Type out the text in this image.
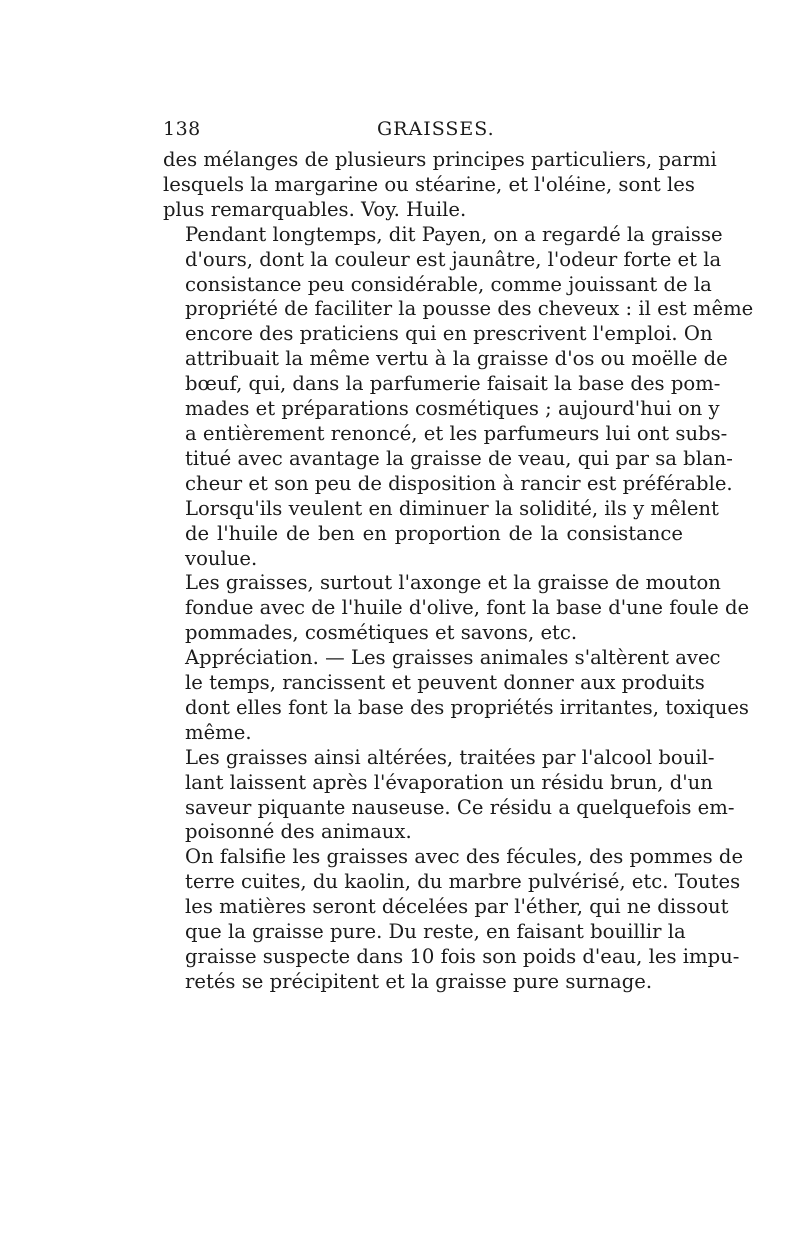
138	GRAISSES.
des mélanges de plusieurs principes particuliers, parmi
lesquels la margarine ou stéarine, et l'oléine, sont les
plus remarquables. Voy. Huile.
Pendant longtemps, dit Payen, on a regardé la graisse
d'ours, dont la couleur est jaunâtre, l'odeur forte et la
consistance peu considérable, comme jouissant de la
propriété de faciliter la pousse des cheveux : il est même
encore des praticiens qui en prescrivent l'emploi. On
attribuait la même vertu à la graisse d'os ou moëlle de
bœuf, qui, dans la parfumerie faisait la base des pom-
mades et préparations cosmétiques ; aujourd'hui on y
a entièrement renoncé, et les parfumeurs lui ont subs-
titué avec avantage la graisse de veau, qui par sa blan-
cheur et son peu de disposition à rancir est préférable.
Lorsqu'ils veulent en diminuer la solidité, ils y mêlent
de l'huile de ben en proportion de la consistance
voulue.
Les graisses, surtout l'axonge et la graisse de mouton
fondue avec de l'huile d'olive, font la base d'une foule de
pommades, cosmétiques et savons, etc.
Appréciation. — Les graisses animales s'altèrent avec
le temps, rancissent et peuvent donner aux produits
dont elles font la base des propriétés irritantes, toxiques
même.
Les graisses ainsi altérées, traitées par l'alcool bouil-
lant laissent après l'évaporation un résidu brun, d'un
saveur piquante nauseuse. Ce résidu a quelquefois em-
poisonné des animaux.
On falsifie les graisses avec des fécules, des pommes de
terre cuites, du kaolin, du marbre pulvérisé, etc. Toutes
les matières seront décelées par l'éther, qui ne dissout
que la graisse pure. Du reste, en faisant bouillir la
graisse suspecte dans 10 fois son poids d'eau, les impu-
retés se précipitent et la graisse pure surnage.
